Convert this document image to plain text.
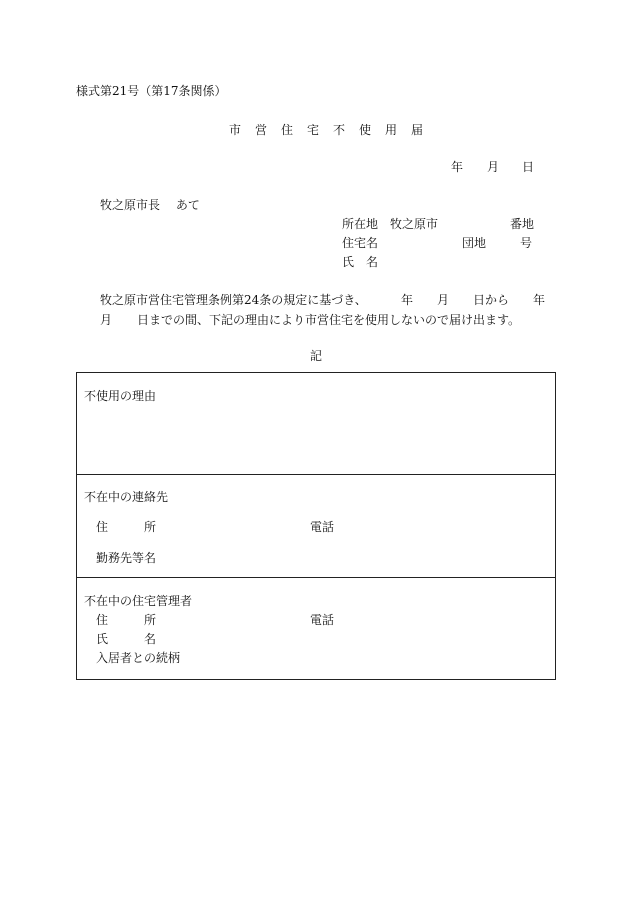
様式第21号（第17条関係）
市　営　住　宅　不　使　用　届
年 月 日
牧之原市長　 あて
所在地　牧之原市	番地
住宅名	団地	号
氏　名
牧之原市営住宅管理条例第24条の規定に基づき、	年 月 日から 年
月 日までの間、下記の理由により市営住宅を使用しないので届け出ます。
記
不使用の理由
不在中の連絡先
住	所	電話
勤務先等名
不在中の住宅管理者
住	所	電話
氏	名
入居者との続柄
